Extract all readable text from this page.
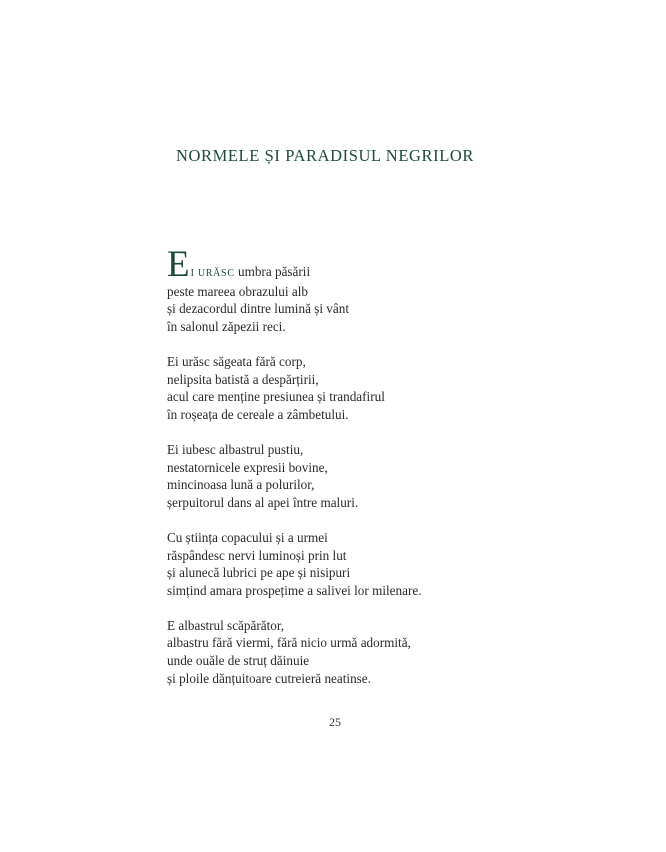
NORMELE ȘI PARADISUL NEGRILOR
EI URĂSC umbra păsării
peste mareea obrazului alb
și dezacordul dintre lumină și vânt
în salonul zăpezii reci.
Ei urăsc săgeata fără corp,
nelipsita batistă a despărțirii,
acul care menține presiunea și trandafirul
în roșeața de cereale a zâmbetului.
Ei iubesc albastrul pustiu,
nestatornicele expresii bovine,
mincinoasa lună a polurilor,
șerpuitorul dans al apei între maluri.
Cu știința copacului și a urmei
răspândesc nervi luminoși prin lut
și alunecă lubrici pe ape și nisipuri
simțind amara prospețime a salivei lor milenare.
E albastrul scăpărător,
albastru fără viermi, fără nicio urmă adormită,
unde ouăle de struț dăinuie
și ploile dănțuitoare cutreieră neatinse.
25
